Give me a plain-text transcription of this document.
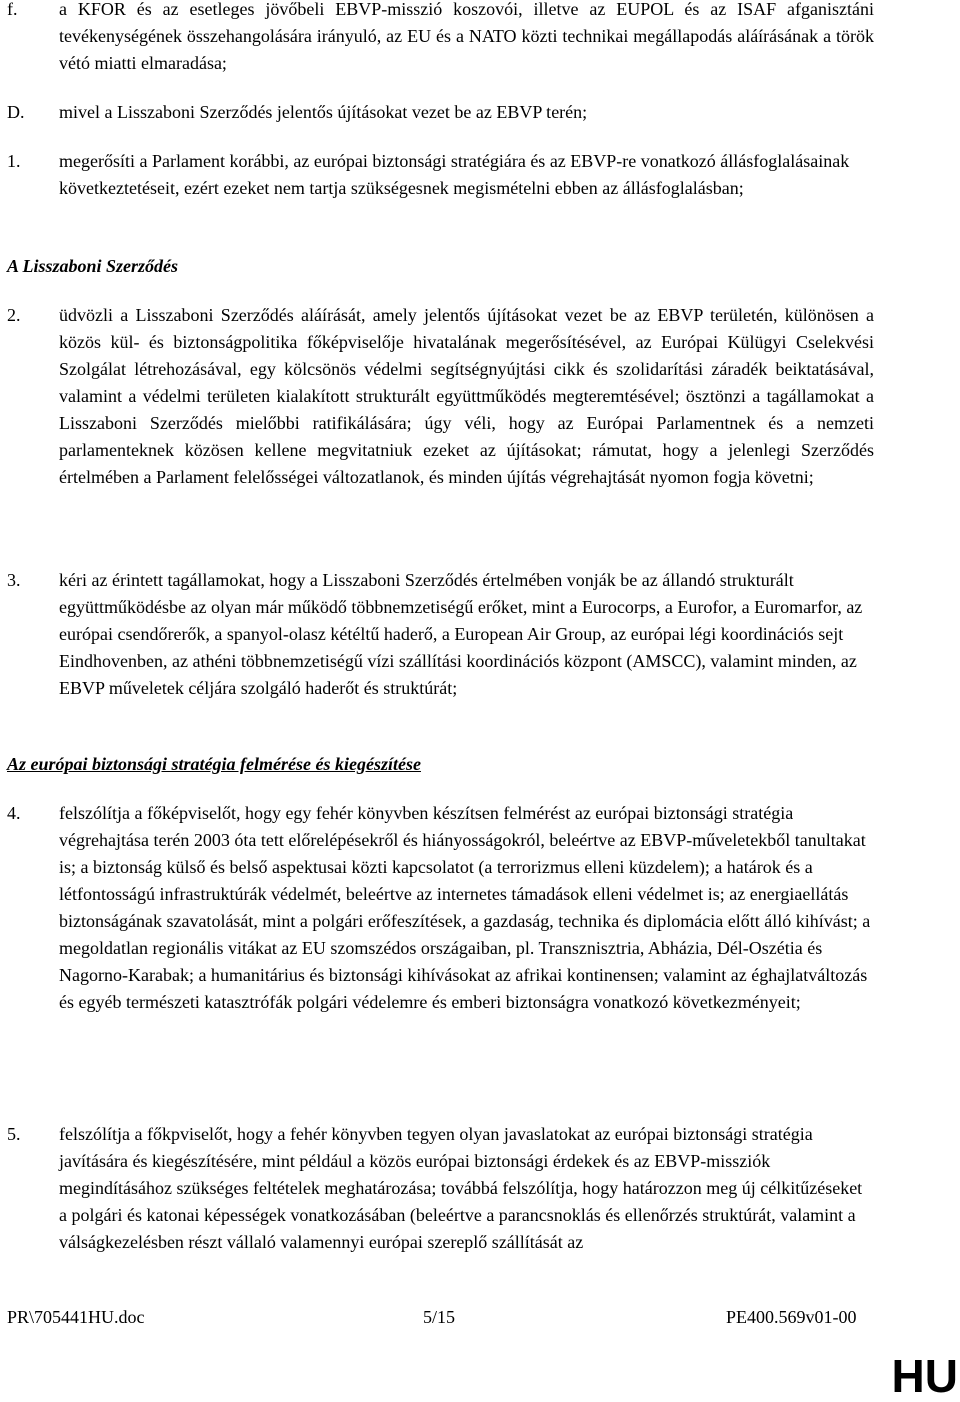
f. a KFOR és az esetleges jövőbeli EBVP-misszió koszovói, illetve az EUPOL és az ISAF afganisztáni tevékenységének összehangolására irányuló, az EU és a NATO közti technikai megállapodás aláírásának a török vétó miatti elmaradása;
D. mivel a Lisszaboni Szerződés jelentős újításokat vezet be az EBVP terén;
1. megerősíti a Parlament korábbi, az európai biztonsági stratégiára és az EBVP-re vonatkozó állásfoglalásainak következtetéseit, ezért ezeket nem tartja szükségesnek megismételni ebben az állásfoglalásban;
A Lisszaboni Szerződés
2. üdvözli a Lisszaboni Szerződés aláírását, amely jelentős újításokat vezet be az EBVP területén, különösen a közös kül- és biztonságpolitika főképviselője hivatalának megerősítésével, az Európai Külügyi Cselekvési Szolgálat létrehozásával, egy kölcsönös védelmi segítségnyújtási cikk és szolidarítási záradék beiktatásával, valamint a védelmi területen kialakított strukturált együttműködés megteremtésével; ösztönzi a tagállamokat a Lisszaboni Szerződés mielőbbi ratifikálására; úgy véli, hogy az Európai Parlamentnek és a nemzeti parlamenteknek közösen kellene megvitatniuk ezeket az újításokat; rámutat, hogy a jelenlegi Szerződés értelmében a Parlament felelősségei változatlanok, és minden újítás végrehajtását nyomon fogja követni;
3. kéri az érintett tagállamokat, hogy a Lisszaboni Szerződés értelmében vonják be az állandó strukturált együttműködésbe az olyan már működő többnemzetiségű erőket, mint a Eurocorps, a Eurofor, a Euromarfor, az európai csendőrerők, a spanyol-olasz kétéltű haderő, a European Air Group, az európai légi koordinációs sejt Eindhovenben, az athéni többnemzetiségű vízi szállítási koordinációs központ (AMSCC), valamint minden, az EBVP műveletek céljára szolgáló haderőt és struktúrát;
Az európai biztonsági stratégia felmérése és kiegészítése
4. felszólítja a főképviselőt, hogy egy fehér könyvben készítsen felmérést az európai biztonsági stratégia végrehajtása terén 2003 óta tett előrelépésekről és hiányosságokról, beleértve az EBVP-műveletekből tanultakat is; a biztonság külső és belső aspektusai közti kapcsolatot (a terrorizmus elleni küzdelem); a határok és a létfontosságú infrastruktúrák védelmét, beleértve az internetes támadások elleni védelmet is; az energiaellátás biztonságának szavatolását, mint a polgári erőfeszítések, a gazdaság, technika és diplomácia előtt álló kihívást; a megoldatlan regionális vitákat az EU szomszédos országaiban, pl. Transznisztria, Abházia, Dél-Oszétia és Nagorno-Karabak; a humanitárius és biztonsági kihívásokat az afrikai kontinensen; valamint az éghajlatváltozás és egyéb természeti katasztrófák polgári védelemre és emberi biztonságra vonatkozó következményeit;
5. felszólítja a főkpviselőt, hogy a fehér könyvben tegyen olyan javaslatokat az európai biztonsági stratégia javítására és kiegészítésére, mint például a közös európai biztonsági érdekek és az EBVP-missziók megindításához szükséges feltételek meghatározása; továbbá felszólítja, hogy határozzon meg új célkitűzéseket a polgári és katonai képességek vonatkozásában (beleértve a parancsnoklás és ellenőrzés struktúrát, valamint a válságkezelésben részt vállaló valamennyi európai szereplő szállítását az
PR\705441HU.doc	5/15	PE400.569v01-00
HU
